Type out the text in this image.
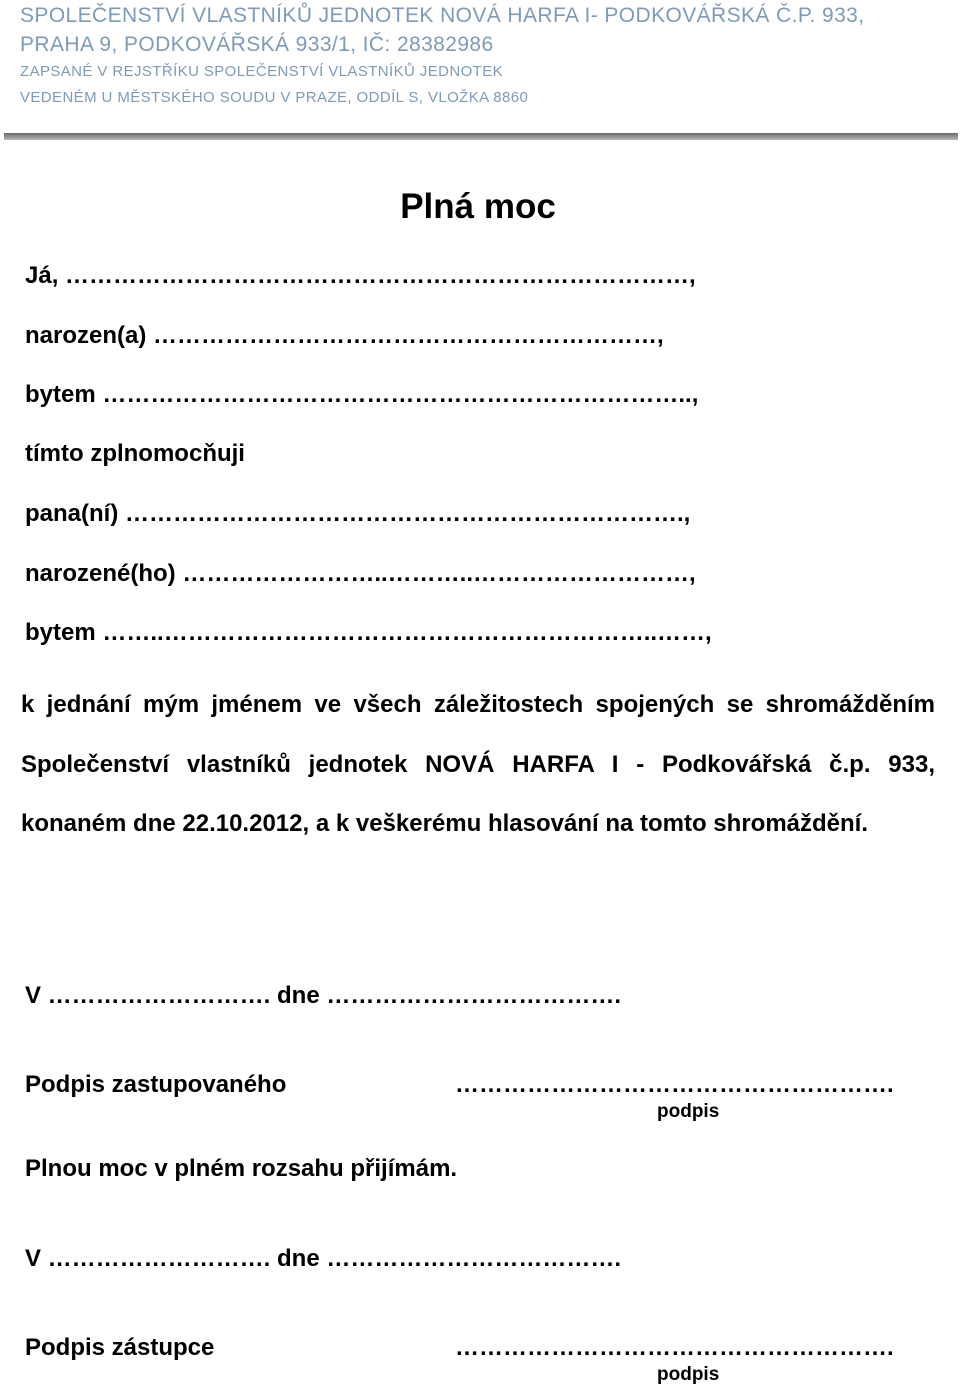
SPOLEČENSTVÍ VLASTNÍKŮ JEDNOTEK NOVÁ HARFA I- PODKOVÁŘSKÁ Č.P. 933,
PRAHA 9, PODKOVÁŘSKÁ 933/1, IČ: 28382986
ZAPSANÉ V REJSTŘÍKU SPOLEČENSTVÍ VLASTNÍKŮ JEDNOTEK
VEDENÉM U MĚSTSKÉHO SOUDU V PRAZE, ODDÍL S, VLOŽKA 8860
Plná moc
Já, ……………………………………………………………………,
narozen(a) ………………………………………………………,
bytem ………………………………………………………………..,
tímto zplnomocňuji
pana(ní) …………………………………………………………….,
narozené(ho) ……………………..………..………………………,
bytem ……..……………………………………………………..……,
k jednání mým jménem ve všech záležitostech spojených se shromážděním Společenství vlastníků jednotek NOVÁ HARFA I - Podkovářská č.p. 933, konaném dne 22.10.2012, a k veškerému hlasování na tomto shromáždění.
V ………………………. dne ……………………………….
Podpis zastupovaného	……………………………………………….
podpis
Plnou moc v plném rozsahu přijímám.
V ………………………. dne ……………………………….
Podpis zástupce	……………………………………………….
podpis
